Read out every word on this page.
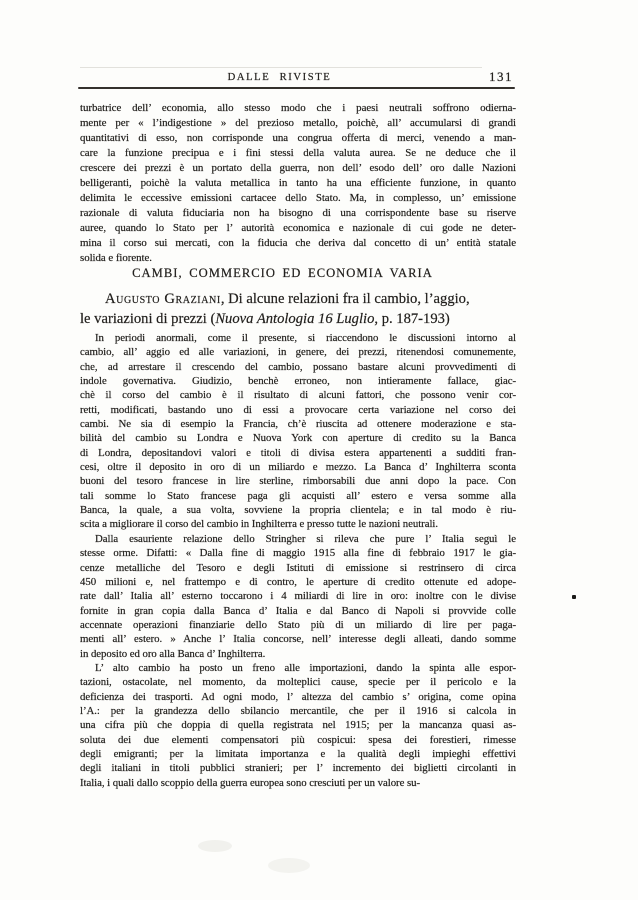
DALLE RIVISTE	131
turbatrice dell’ economia, allo stesso modo che i paesi neutrali soffrono odierna-
mente per « l’indigestione » del prezioso metallo, poichè, all’ accumularsi di grandi
quantitativi di esso, non corrisponde una congrua offerta di merci, venendo a man-
care la funzione precipua e i fini stessi della valuta aurea. Se ne deduce che il
crescere dei prezzi è un portato della guerra, non dell’ esodo dell’ oro dalle Nazioni
belligeranti, poichè la valuta metallica in tanto ha una efficiente funzione, in quanto
delimita le eccessive emissioni cartacee dello Stato. Ma, in complesso, un’ emissione
razionale di valuta fiduciaria non ha bisogno di una corrispondente base su riserve
auree, quando lo Stato per l’ autorità economica e nazionale di cui gode ne deter-
mina il corso sui mercati, con la fiducia che deriva dal concetto di un’ entità statale
solida e fiorente.
CAMBI, COMMERCIO ED ECONOMIA VARIA
Augusto Graziani, Di alcune relazioni fra il cambio, l’aggio,
le variazioni di prezzi (Nuova Antologia 16 Luglio, p. 187-193)
In periodi anormali, come il presente, si riaccendono le discussioni intorno al
cambio, all’ aggio ed alle variazioni, in genere, dei prezzi, ritenendosi comunemente,
che, ad arrestare il crescendo del cambio, possano bastare alcuni provvedimenti di
indole governativa. Giudizio, benchè erroneo, non intieramente fallace, giac-
chè il corso del cambio è il risultato di alcuni fattori, che possono venir cor-
retti, modificati, bastando uno di essi a provocare certa variazione nel corso dei
cambi. Ne sia di esempio la Francia, ch’è riuscita ad ottenere moderazione e sta-
bilità del cambio su Londra e Nuova York con aperture di credito su la Banca
di Londra, depositandovi valori e titoli di divisa estera appartenenti a sudditi fran-
cesi, oltre il deposito in oro di un miliardo e mezzo. La Banca d’ Inghilterra sconta
buoni del tesoro francese in lire sterline, rimborsabili due anni dopo la pace. Con
tali somme lo Stato francese paga gli acquisti all’ estero e versa somme alla
Banca, la quale, a sua volta, sovviene la propria clientela; e in tal modo è riu-
scita a migliorare il corso del cambio in Inghilterra e presso tutte le nazioni neutrali.
Dalla esauriente relazione dello Stringher si rileva che pure l’ Italia seguì le
stesse orme. Difatti: « Dalla fine di maggio 1915 alla fine di febbraio 1917 le gia-
cenze metalliche del Tesoro e degli Istituti di emissione si restrinsero di circa
450 milioni e, nel frattempo e di contro, le aperture di credito ottenute ed adope-
rate dall’ Italia all’ esterno toccarono i 4 miliardi di lire in oro: inoltre con le divise
fornite in gran copia dalla Banca d’ Italia e dal Banco di Napoli si provvide colle
accennate operazioni finanziarie dello Stato più di un miliardo di lire per paga-
menti all’ estero. » Anche l’ Italia concorse, nell’ interesse degli alleati, dando somme
in deposito ed oro alla Banca d’ Inghilterra.
L’ alto cambio ha posto un freno alle importazioni, dando la spinta alle espor-
tazioni, ostacolate, nel momento, da molteplici cause, specie per il pericolo e la
deficienza dei trasporti. Ad ogni modo, l’ altezza del cambio s’ origina, come opina
l’A.: per la grandezza dello sbilancio mercantile, che per il 1916 si calcola in
una cifra più che doppia di quella registrata nel 1915; per la mancanza quasi as-
soluta dei due elementi compensatori più cospicui: spesa dei forestieri, rimesse
degli emigranti; per la limitata importanza e la qualità degli impieghi effettivi
degli italiani in titoli pubblici stranieri; per l’ incremento dei biglietti circolanti in
Italia, i quali dallo scoppio della guerra europea sono cresciuti per un valore su-
